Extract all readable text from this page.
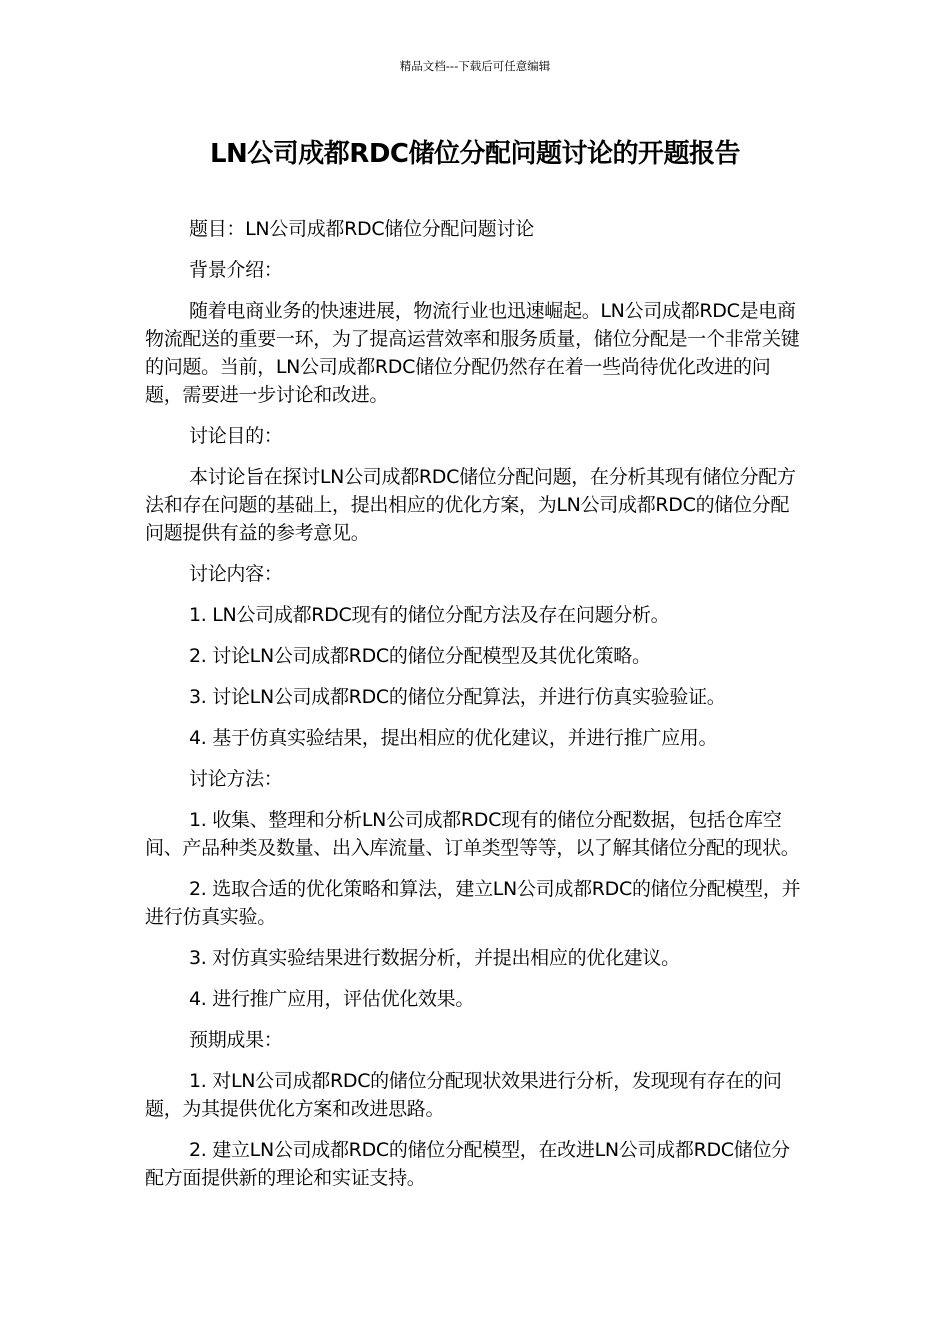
精品文档---下载后可任意编辑
LN公司成都RDC储位分配问题讨论的开题报告

题目：LN公司成都RDC储位分配问题讨论

背景介绍：

随着电商业务的快速进展，物流行业也迅速崛起。LN公司成都RDC是电商物流配送的重要一环，为了提高运营效率和服务质量，储位分配是一个非常关键的问题。当前，LN公司成都RDC储位分配仍然存在着一些尚待优化改进的问题，需要进一步讨论和改进。

讨论目的：

本讨论旨在探讨LN公司成都RDC储位分配问题，在分析其现有储位分配方法和存在问题的基础上，提出相应的优化方案，为LN公司成都RDC的储位分配问题提供有益的参考意见。

讨论内容：

1. LN公司成都RDC现有的储位分配方法及存在问题分析。

2. 讨论LN公司成都RDC的储位分配模型及其优化策略。

3. 讨论LN公司成都RDC的储位分配算法，并进行仿真实验验证。

4. 基于仿真实验结果，提出相应的优化建议，并进行推广应用。

讨论方法：

1. 收集、整理和分析LN公司成都RDC现有的储位分配数据，包括仓库空间、产品种类及数量、出入库流量、订单类型等等，以了解其储位分配的现状。

2. 选取合适的优化策略和算法，建立LN公司成都RDC的储位分配模型，并进行仿真实验。

3. 对仿真实验结果进行数据分析，并提出相应的优化建议。

4. 进行推广应用，评估优化效果。

预期成果：

1. 对LN公司成都RDC的储位分配现状效果进行分析，发现现有存在的问题，为其提供优化方案和改进思路。

2. 建立LN公司成都RDC的储位分配模型，在改进LN公司成都RDC储位分配方面提供新的理论和实证支持。
